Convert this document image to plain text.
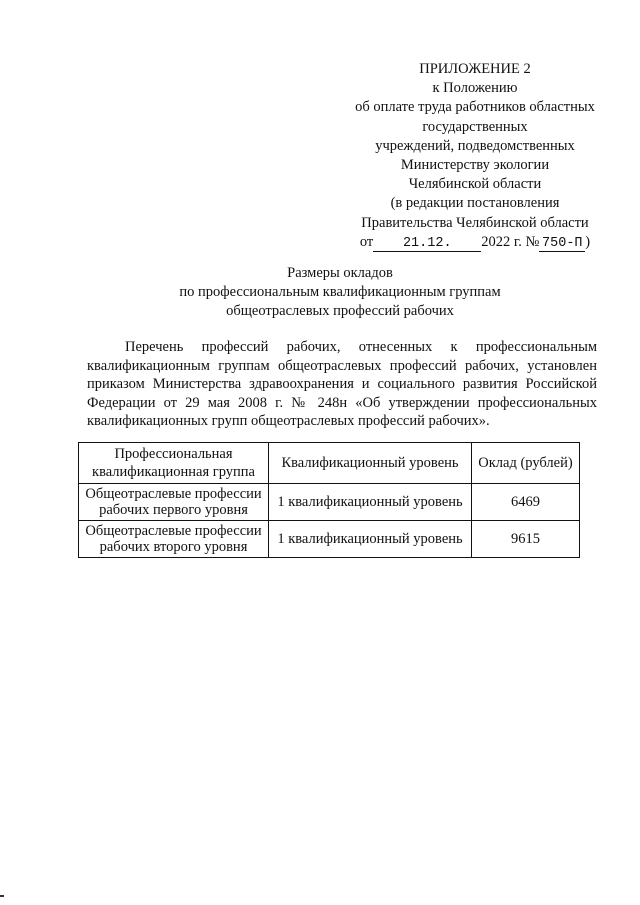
ПРИЛОЖЕНИЕ 2
к Положению
об оплате труда работников областных
государственных
учреждений, подведомственных
Министерству экологии
Челябинской области
(в редакции постановления
Правительства Челябинской области
от 21.12. 2022 г. № 750-П )
Размеры окладов
по профессиональным квалификационным группам
общеотраслевых профессий рабочих

Перечень профессий рабочих, отнесенных к профессиональным квалификационным группам общеотраслевых профессий рабочих, установлен приказом Министерства здравоохранения и социального развития Российской Федерации от 29 мая 2008 г. № 248н «Об утверждении профессиональных квалификационных групп общеотраслевых профессий рабочих».

Профессиональная квалификационная группа	Квалификационный уровень	Оклад (рублей)
Общеотраслевые профессии рабочих первого уровня	1 квалификационный уровень	6469
Общеотраслевые профессии рабочих второго уровня	1 квалификационный уровень	9615
